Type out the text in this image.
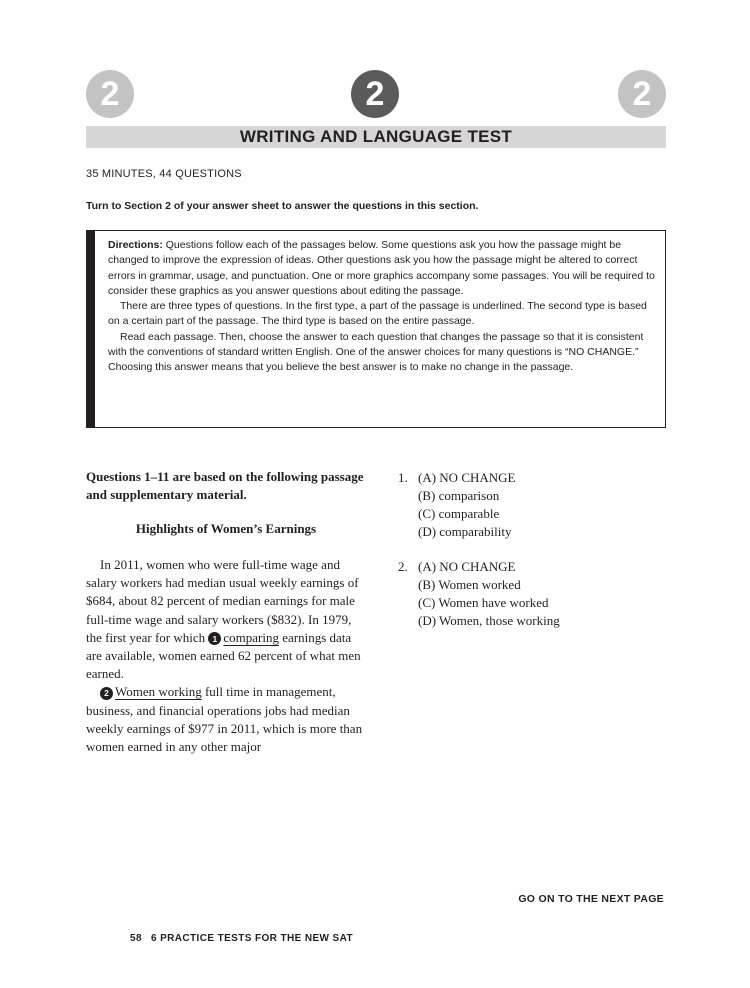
2	2	2
WRITING AND LANGUAGE TEST
35 MINUTES, 44 QUESTIONS
Turn to Section 2 of your answer sheet to answer the questions in this section.

Directions: Questions follow each of the passages below. Some questions ask you how the passage might be changed to improve the expression of ideas. Other questions ask you how the passage might be altered to correct errors in grammar, usage, and punctuation. One or more graphics accompany some passages. You will be required to consider these graphics as you answer questions about editing the passage.

There are three types of questions. In the first type, a part of the passage is underlined. The second type is based on a certain part of the passage. The third type is based on the entire passage.

Read each passage. Then, choose the answer to each question that changes the passage so that it is consistent with the conventions of standard written English. One of the answer choices for many questions is “NO CHANGE.” Choosing this answer means that you believe the best answer is to make no change in the passage.

Questions 1–11 are based on the following passage and supplementary material.
Highlights of Women’s Earnings

In 2011, women who were full-time wage and salary workers had median usual weekly earnings of $684, about 82 percent of median earnings for male full-time wage and salary workers ($832). In 1979, the first year for which 1 comparing earnings data are available, women earned 62 percent of what men earned.

2 Women working full time in management, business, and financial operations jobs had median weekly earnings of $977 in 2011, which is more than women earned in any other major

1. (A) NO CHANGE
(B) comparison
(C) comparable
(D) comparability
2. (A) NO CHANGE
(B) Women worked
(C) Women have worked
(D) Women, those working
GO ON TO THE NEXT PAGE
58 6 PRACTICE TESTS FOR THE NEW SAT
